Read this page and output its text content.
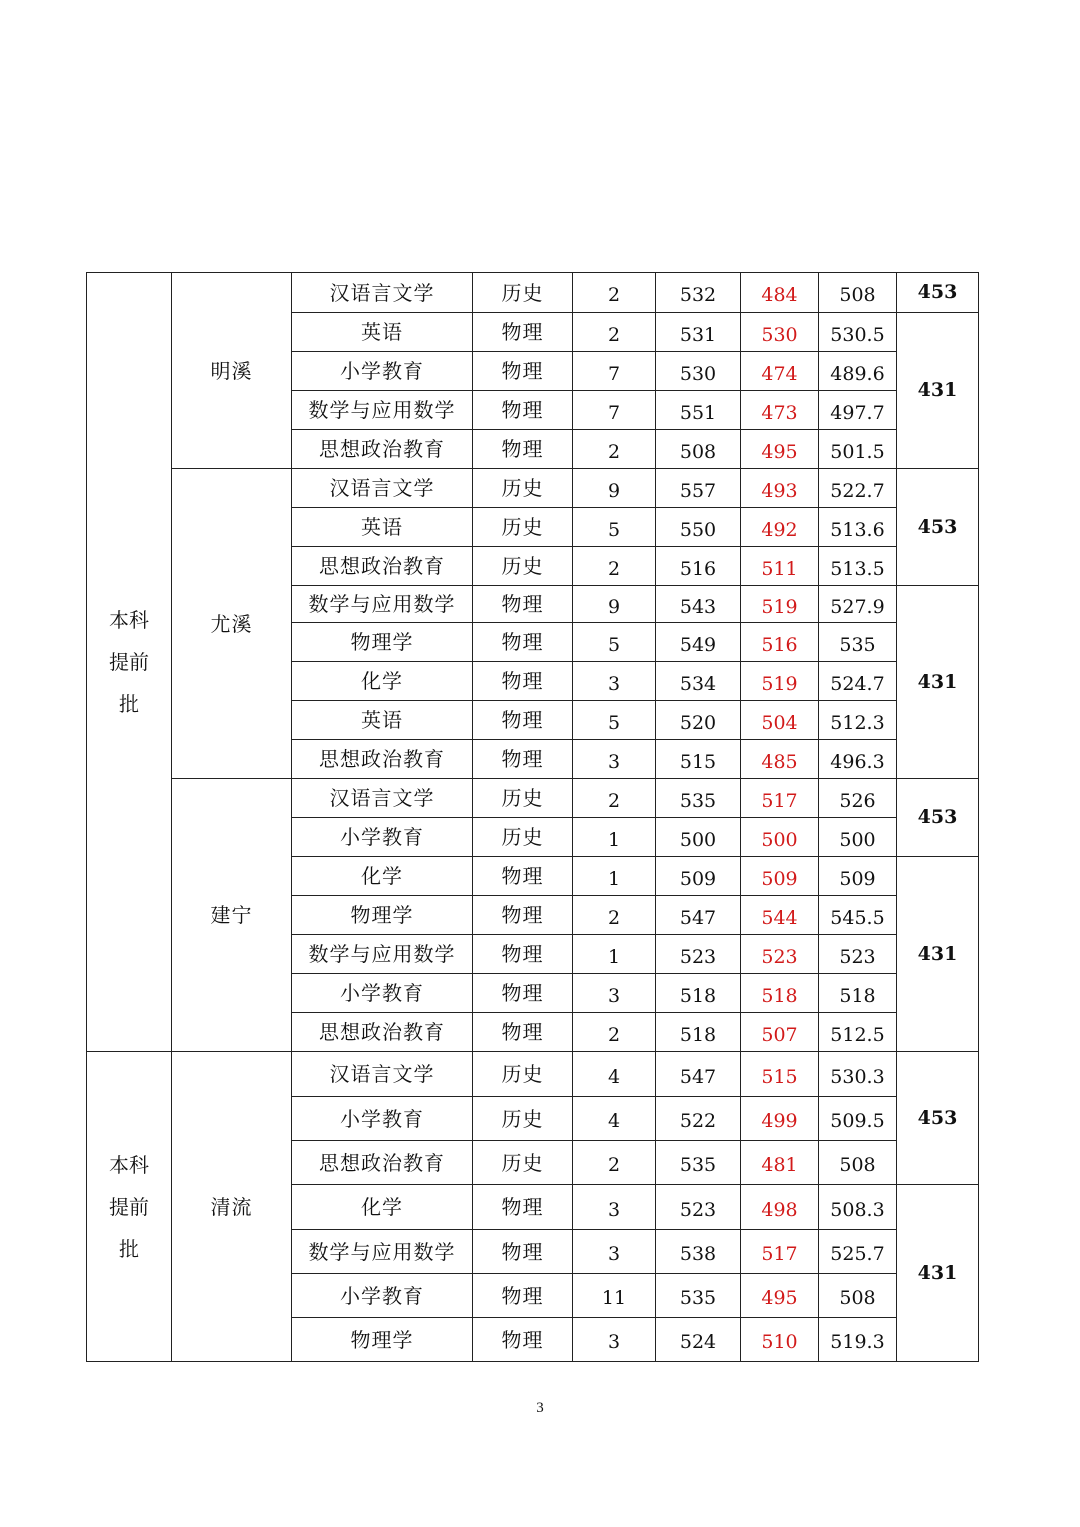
本科提前批	明溪	汉语言文学	历史	2	532	484	508	453
		英语	物理	2	531	530	530.5	431
		小学教育	物理	7	530	474	489.6	
		数学与应用数学	物理	7	551	473	497.7	
		思想政治教育	物理	2	508	495	501.5	
	尤溪	汉语言文学	历史	9	557	493	522.7	453
		英语	历史	5	550	492	513.6	
		思想政治教育	历史	2	516	511	513.5	
		数学与应用数学	物理	9	543	519	527.9	431
		物理学	物理	5	549	516	535	
		化学	物理	3	534	519	524.7	
		英语	物理	5	520	504	512.3	
		思想政治教育	物理	3	515	485	496.3	
	建宁	汉语言文学	历史	2	535	517	526	453
		小学教育	历史	1	500	500	500	
		化学	物理	1	509	509	509	431
		物理学	物理	2	547	544	545.5	
		数学与应用数学	物理	1	523	523	523	
		小学教育	物理	3	518	518	518	
		思想政治教育	物理	2	518	507	512.5	
本科提前批	清流	汉语言文学	历史	4	547	515	530.3	453
		小学教育	历史	4	522	499	509.5	
		思想政治教育	历史	2	535	481	508	
		化学	物理	3	523	498	508.3	431
		数学与应用数学	物理	3	538	517	525.7	
		小学教育	物理	11	535	495	508	
		物理学	物理	3	524	510	519.3	
3
